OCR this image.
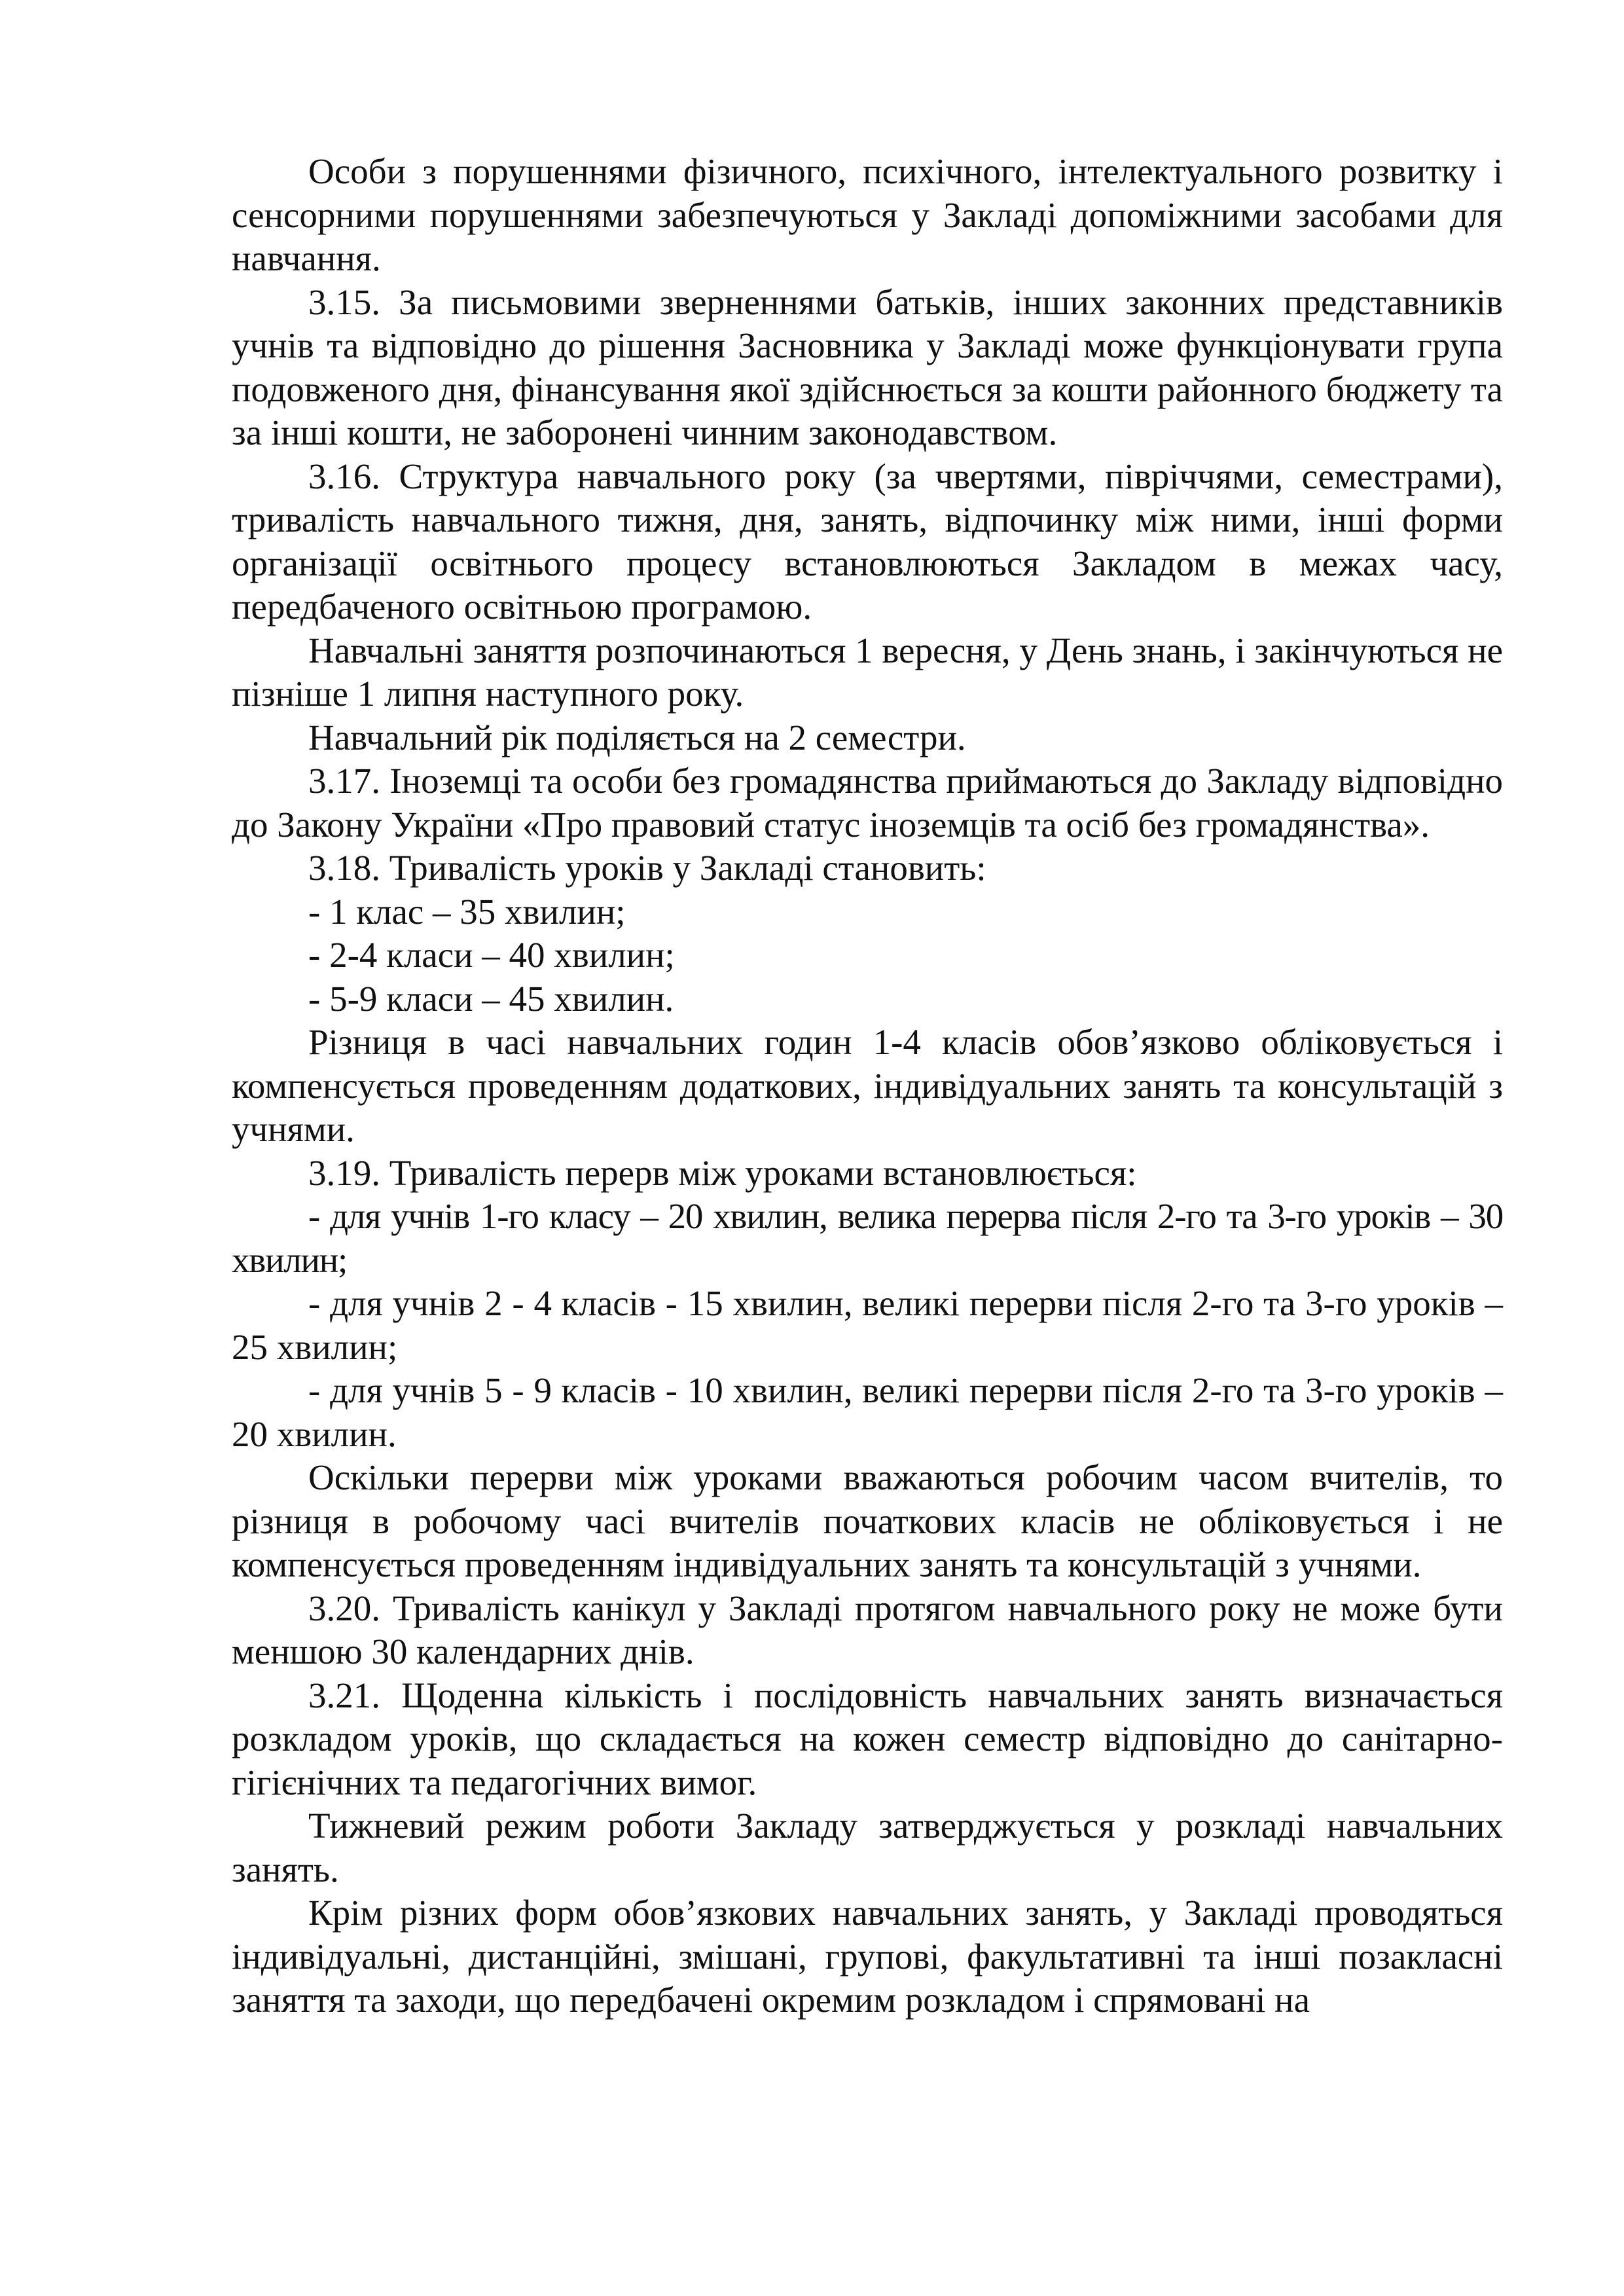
Особи з порушеннями фізичного, психічного, інтелектуального розвитку і сенсорними порушеннями забезпечуються у Закладі допоміжними засобами для навчання.

3.15. За письмовими зверненнями батьків, інших законних представників учнів та відповідно до рішення Засновника у Закладі може функціонувати група подовженого дня, фінансування якої здійснюється за кошти районного бюджету та за інші кошти, не заборонені чинним законодавством.

3.16. Структура навчального року (за чвертями, півріччями, семестрами), тривалість навчального тижня, дня, занять, відпочинку між ними, інші форми організації освітнього процесу встановлюються Закладом в межах часу, передбаченого освітньою програмою.

Навчальні заняття розпочинаються 1 вересня, у День знань, і закінчуються не пізніше 1 липня наступного року.

Навчальний рік поділяється на 2 семестри.

3.17. Іноземці та особи без громадянства приймаються до Закладу відповідно до Закону України «Про правовий статус іноземців та осіб без громадянства».

3.18. Тривалість уроків у Закладі становить:

- 1 клас – 35 хвилин;

- 2-4 класи – 40 хвилин;

- 5-9 класи – 45 хвилин.

Різниця в часі навчальних годин 1-4 класів обов’язково обліковується і компенсується проведенням додаткових, індивідуальних занять та консультацій з учнями.

3.19. Тривалість перерв між уроками встановлюється:

- для учнів 1-го класу – 20 хвилин, велика перерва після 2-го та 3-го уроків – 30 хвилин;

- для учнів 2 - 4 класів - 15 хвилин, великі перерви після 2-го та 3-го уроків – 25 хвилин;

- для учнів 5 - 9 класів - 10 хвилин, великі перерви після 2-го та 3-го уроків – 20 хвилин.

Оскільки перерви між уроками вважаються робочим часом вчителів, то різниця в робочому часі вчителів початкових класів не обліковується і не компенсується проведенням індивідуальних занять та консультацій з учнями.

3.20. Тривалість канікул у Закладі протягом навчального року не може бути меншою 30 календарних днів.

3.21. Щоденна кількість і послідовність навчальних занять визначається розкладом уроків, що складається на кожен семестр відповідно до санітарно-гігієнічних та педагогічних вимог.

Тижневий режим роботи Закладу затверджується у розкладі навчальних занять.

Крім різних форм обов’язкових навчальних занять, у Закладі проводяться індивідуальні, дистанційні, змішані, групові, факультативні та інші позакласні заняття та заходи, що передбачені окремим розкладом і спрямовані на
